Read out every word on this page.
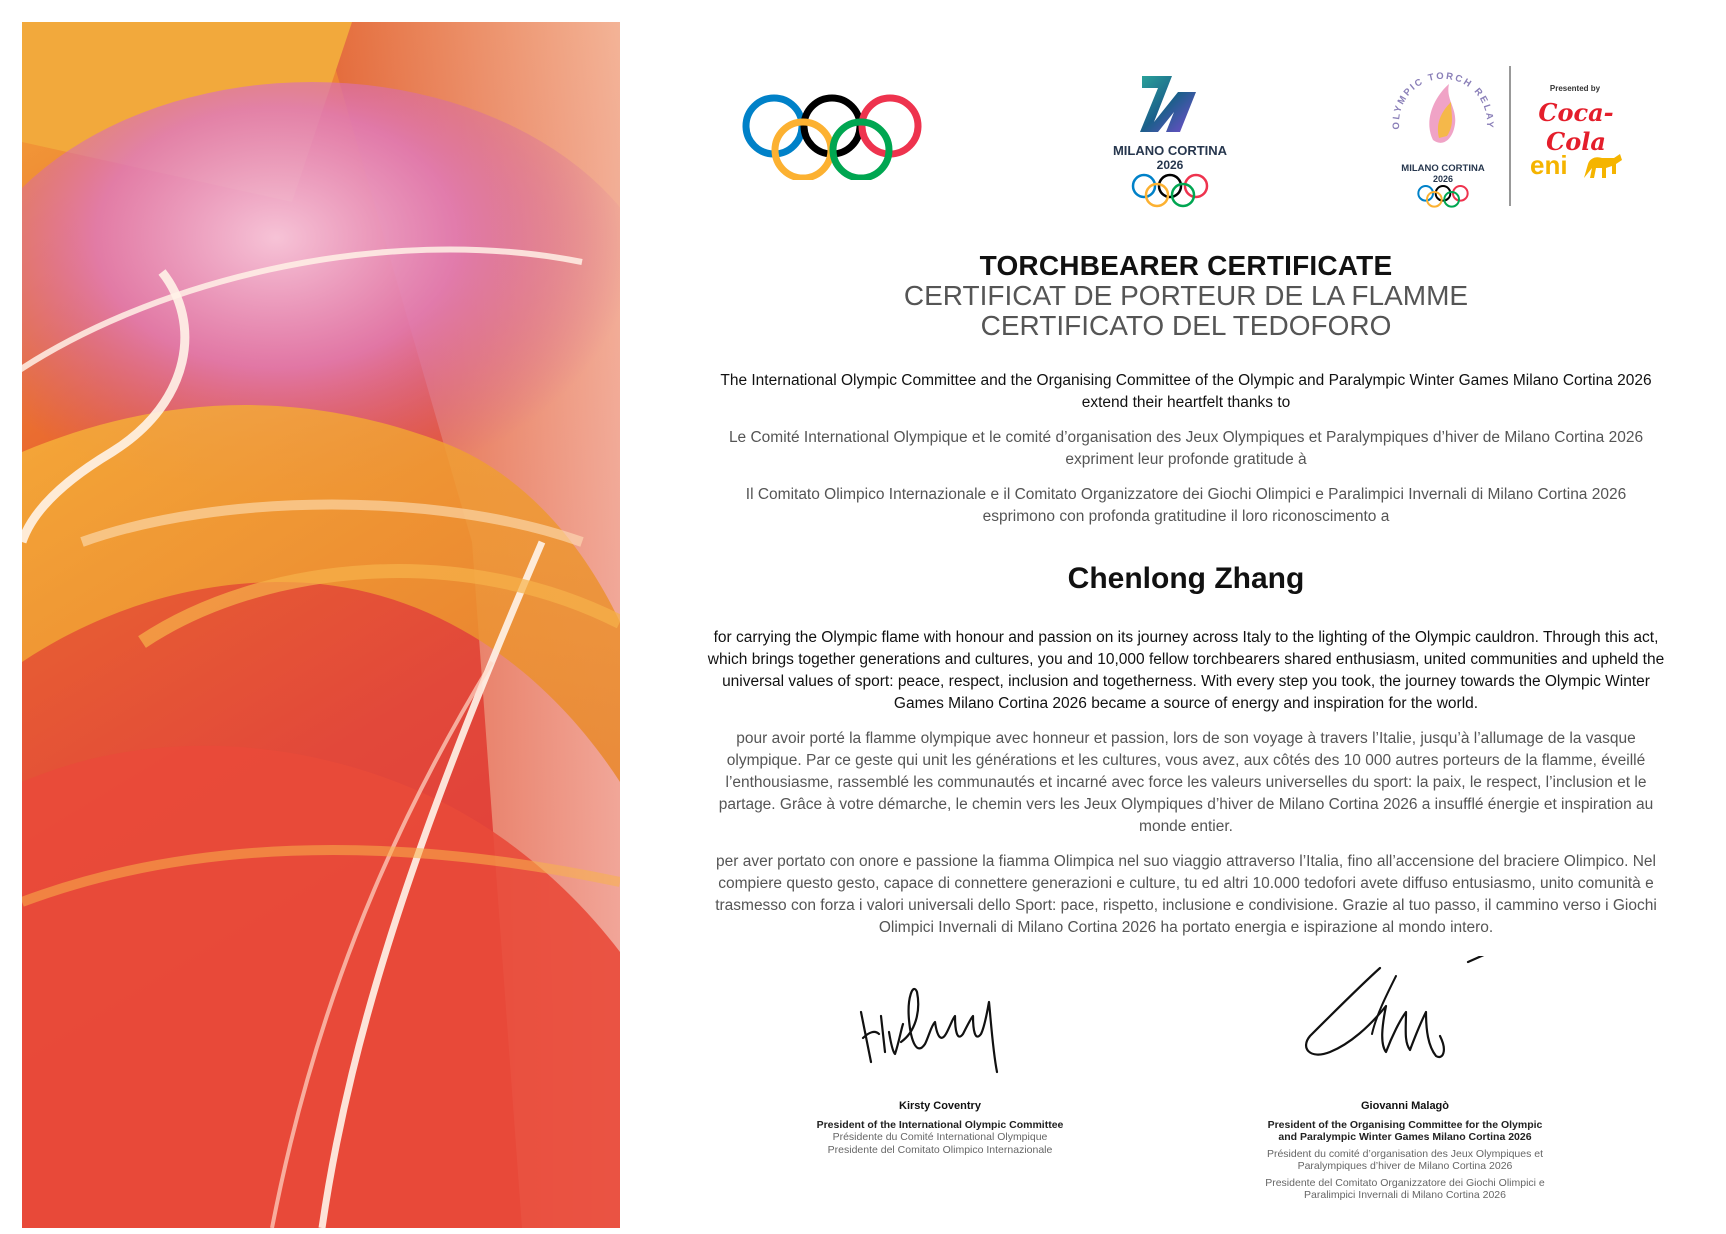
MILANO CORTINA
2026
OLYMPIC TORCH RELAY
MILANO CORTINA
2026
Presented by
Coca-Cola
eni
TORCHBEARER CERTIFICATE
CERTIFICAT DE PORTEUR DE LA FLAMME
CERTIFICATO DEL TEDOFORO
The International Olympic Committee and the Organising Committee of the Olympic and Paralympic Winter Games Milano Cortina 2026 extend their heartfelt thanks to
Le Comité International Olympique et le comité d’organisation des Jeux Olympiques et Paralympiques d’hiver de Milano Cortina 2026 expriment leur profonde gratitude à
Il Comitato Olimpico Internazionale e il Comitato Organizzatore dei Giochi Olimpici e Paralimpici Invernali di Milano Cortina 2026 esprimono con profonda gratitudine il loro riconoscimento a
Chenlong Zhang
for carrying the Olympic flame with honour and passion on its journey across Italy to the lighting of the Olympic cauldron. Through this act, which brings together generations and cultures, you and 10,000 fellow torchbearers shared enthusiasm, united communities and upheld the universal values of sport: peace, respect, inclusion and togetherness. With every step you took, the journey towards the Olympic Winter Games Milano Cortina 2026 became a source of energy and inspiration for the world.
pour avoir porté la flamme olympique avec honneur et passion, lors de son voyage à travers l’Italie, jusqu’à l’allumage de la vasque olympique. Par ce geste qui unit les générations et les cultures, vous avez, aux côtés des 10 000 autres porteurs de la flamme, éveillé l’enthousiasme, rassemblé les communautés et incarné avec force les valeurs universelles du sport: la paix, le respect, l’inclusion et le partage. Grâce à votre démarche, le chemin vers les Jeux Olympiques d’hiver de Milano Cortina 2026 a insufflé énergie et inspiration au monde entier.
per aver portato con onore e passione la fiamma Olimpica nel suo viaggio attraverso l’Italia, fino all’accensione del braciere Olimpico. Nel compiere questo gesto, capace di connettere generazioni e culture, tu ed altri 10.000 tedofori avete diffuso entusiasmo, unito comunità e trasmesso con forza i valori universali dello Sport: pace, rispetto, inclusione e condivisione. Grazie al tuo passo, il cammino verso i Giochi Olimpici Invernali di Milano Cortina 2026 ha portato energia e ispirazione al mondo intero.
Kirsty Coventry
President of the International Olympic Committee
Présidente du Comité International Olympique
Presidente del Comitato Olimpico Internazionale
Giovanni Malagò
President of the Organising Committee for the Olympic and Paralympic Winter Games Milano Cortina 2026
Président du comité d’organisation des Jeux Olympiques et Paralympiques d’hiver de Milano Cortina 2026
Presidente del Comitato Organizzatore dei Giochi Olimpici e Paralimpici Invernali di Milano Cortina 2026
